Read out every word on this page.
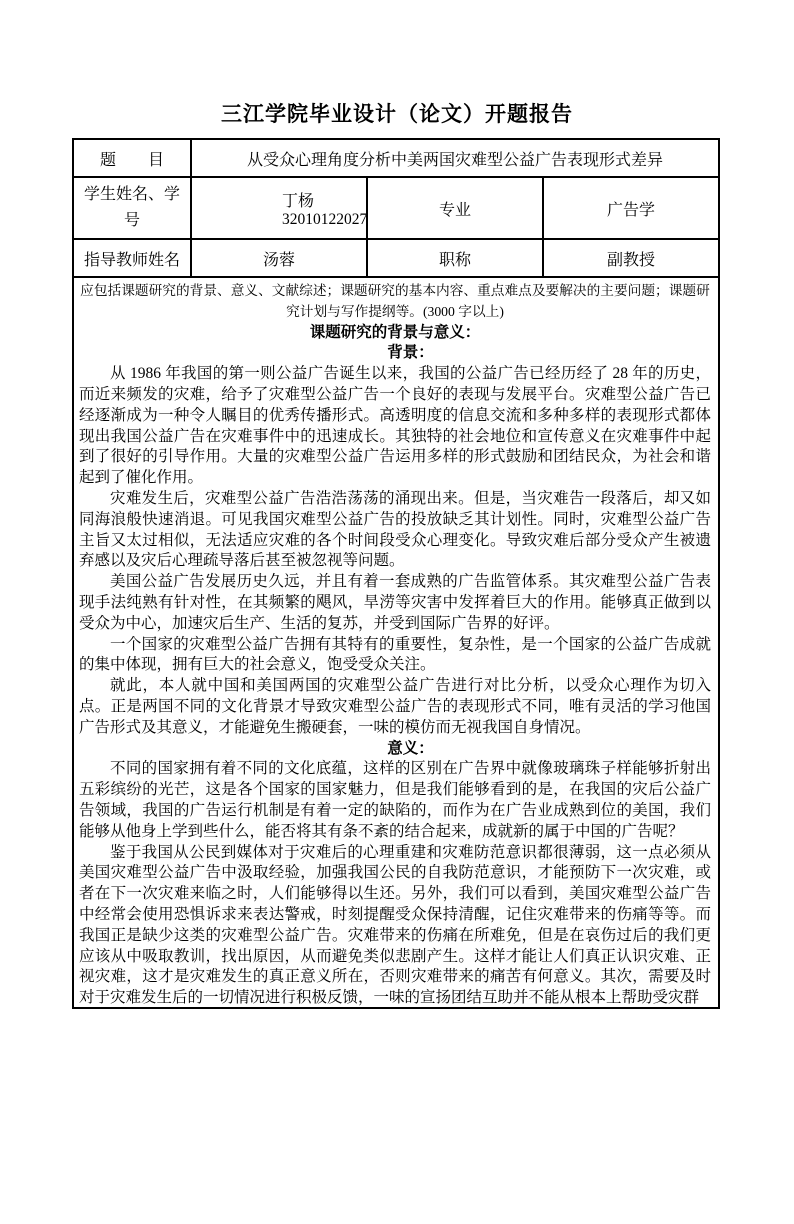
三江学院毕业设计（论文）开题报告
题　　目	从受众心理角度分析中美两国灾难型公益广告表现形式差异		
学生姓名、学号	丁杨32010122027	专业	广告学
指导教师姓名	汤蓉	职称	副教授

应包括课题研究的背景、意义、文献综述；课题研究的基本内容、重点难点及要解决的主要问题；课题研究计划与写作提纲等。(3000 字以上)
课题研究的背景与意义：
背景：

从 1986 年我国的第一则公益广告诞生以来，我国的公益广告已经历经了 28 年的历史，而近来频发的灾难，给予了灾难型公益广告一个良好的表现与发展平台。灾难型公益广告已经逐渐成为一种令人瞩目的优秀传播形式。高透明度的信息交流和多种多样的表现形式都体现出我国公益广告在灾难事件中的迅速成长。其独特的社会地位和宣传意义在灾难事件中起到了很好的引导作用。大量的灾难型公益广告运用多样的形式鼓励和团结民众，为社会和谐起到了催化作用。

灾难发生后，灾难型公益广告浩浩荡荡的涌现出来。但是，当灾难告一段落后，却又如同海浪般快速消退。可见我国灾难型公益广告的投放缺乏其计划性。同时，灾难型公益广告主旨又太过相似，无法适应灾难的各个时间段受众心理变化。导致灾难后部分受众产生被遗弃感以及灾后心理疏导落后甚至被忽视等问题。

美国公益广告发展历史久远，并且有着一套成熟的广告监管体系。其灾难型公益广告表现手法纯熟有针对性，在其频繁的飓风，旱涝等灾害中发挥着巨大的作用。能够真正做到以受众为中心，加速灾后生产、生活的复苏，并受到国际广告界的好评。

一个国家的灾难型公益广告拥有其特有的重要性，复杂性，是一个国家的公益广告成就的集中体现，拥有巨大的社会意义，饱受受众关注。

就此，本人就中国和美国两国的灾难型公益广告进行对比分析，以受众心理作为切入点。正是两国不同的文化背景才导致灾难型公益广告的表现形式不同，唯有灵活的学习他国广告形式及其意义，才能避免生搬硬套，一味的模仿而无视我国自身情况。

意义：

不同的国家拥有着不同的文化底蕴，这样的区别在广告界中就像玻璃珠子样能够折射出五彩缤纷的光芒，这是各个国家的国家魅力，但是我们能够看到的是，在我国的灾后公益广告领域，我国的广告运行机制是有着一定的缺陷的，而作为在广告业成熟到位的美国，我们能够从他身上学到些什么，能否将其有条不紊的结合起来，成就新的属于中国的广告呢？

鉴于我国从公民到媒体对于灾难后的心理重建和灾难防范意识都很薄弱，这一点必须从美国灾难型公益广告中汲取经验，加强我国公民的自我防范意识，才能预防下一次灾难，或者在下一次灾难来临之时，人们能够得以生还。另外，我们可以看到，美国灾难型公益广告中经常会使用恐惧诉求来表达警戒，时刻提醒受众保持清醒，记住灾难带来的伤痛等等。而我国正是缺少这类的灾难型公益广告。灾难带来的伤痛在所难免，但是在哀伤过后的我们更应该从中吸取教训，找出原因，从而避免类似悲剧产生。这样才能让人们真正认识灾难、正视灾难，这才是灾难发生的真正意义所在，否则灾难带来的痛苦有何意义。其次，需要及时对于灾难发生后的一切情况进行积极反馈，一味的宣扬团结互助并不能从根本上帮助受灾群
